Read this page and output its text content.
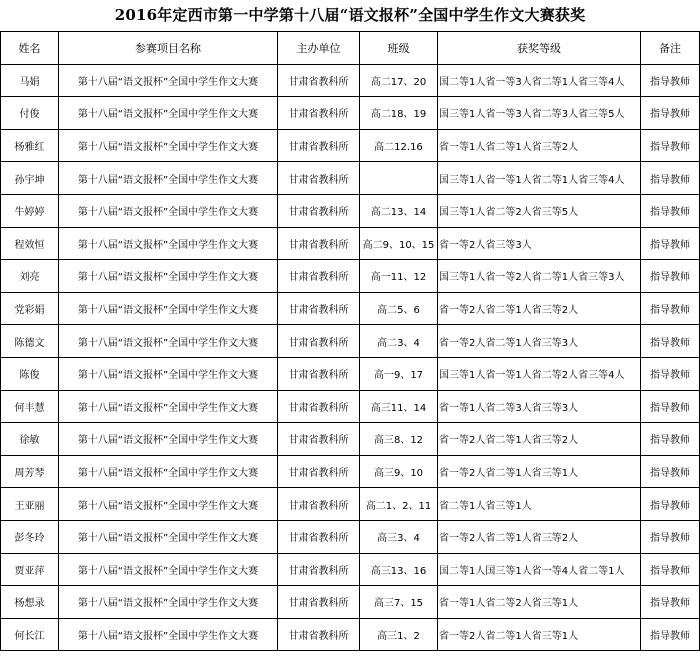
2016年定西市第一中学第十八届“语文报杯”全国中学生作文大赛获奖
姓名	参赛项目名称	主办单位	班级	获奖等级	备注
马娟	第十八届“语文报杯”全国中学生作文大赛	甘肃省教科所	高二17、20	国二等1人省一等3人省二等1人省三等4人	指导教师
付俊	第十八届“语文报杯”全国中学生作文大赛	甘肃省教科所	高二18、19	国三等1人省一等3人省二等3人省三等5人	指导教师
杨雅红	第十八届“语文报杯”全国中学生作文大赛	甘肃省教科所	高二12.16	省一等1人省二等1人省三等2人	指导教师
孙宇坤	第十八届“语文报杯”全国中学生作文大赛	甘肃省教科所		国三等1人省一等1人省二等1人省三等4人	指导教师
牛婷婷	第十八届“语文报杯”全国中学生作文大赛	甘肃省教科所	高二13、14	国三等1人省二等2人省三等5人	指导教师
程效恒	第十八届“语文报杯”全国中学生作文大赛	甘肃省教科所	高二9、10、15	省一等2人省三等3人	指导教师
刘亮	第十八届“语文报杯”全国中学生作文大赛	甘肃省教科所	高一11、12	国三等1人省一等2人省二等1人省三等3人	指导教师
党彩娟	第十八届“语文报杯”全国中学生作文大赛	甘肃省教科所	高二5、6	省一等2人省二等1人省三等2人	指导教师
陈德文	第十八届“语文报杯”全国中学生作文大赛	甘肃省教科所	高二3、4	省一等2人省二等1人省三等3人	指导教师
陈俊	第十八届“语文报杯”全国中学生作文大赛	甘肃省教科所	高一9、17	国三等1人省一等1人省二等2人省三等4人	指导教师
何丰慧	第十八届“语文报杯”全国中学生作文大赛	甘肃省教科所	高三11、14	省一等1人省二等3人省三等3人	指导教师
徐敏	第十八届“语文报杯”全国中学生作文大赛	甘肃省教科所	高三8、12	省一等2人省二等1人省三等2人	指导教师
周芳琴	第十八届“语文报杯”全国中学生作文大赛	甘肃省教科所	高三9、10	省一等2人省二等1人省三等1人	指导教师
王亚丽	第十八届“语文报杯”全国中学生作文大赛	甘肃省教科所	高二1、2、11	省二等1人省三等1人	指导教师
彭冬玲	第十八届“语文报杯”全国中学生作文大赛	甘肃省教科所	高三3、4	省一等2人省二等1人省三等2人	指导教师
贾亚萍	第十八届“语文报杯”全国中学生作文大赛	甘肃省教科所	高三13、16	国二等1人国三等1人省一等4人省二等1人	指导教师
杨想录	第十八届“语文报杯”全国中学生作文大赛	甘肃省教科所	高三7、15	省一等1人省二等2人省三等1人	指导教师
何长江	第十八届“语文报杯”全国中学生作文大赛	甘肃省教科所	高三1、2	省一等2人省二等1人省三等1人	指导教师
